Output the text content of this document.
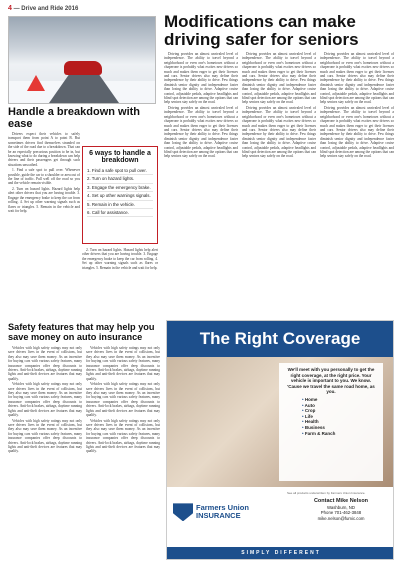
4 — Drive and Ride 2016
Handle a breakdown with ease

Drivers expect their vehicles to safely transport them from point A to point B. But sometimes drivers find themselves stranded on the side of the road due to a breakdown. That can be an especially precarious position to be in, but knowing what to do during a breakdown can help drivers and their passengers get through such situations unscathed.

1. Find a safe spot to pull over. Whenever possible, guide the car to a shoulder or area out of the line of traffic. Pull well off the road so you and the vehicle remain visible.

2. Turn on hazard lights. Hazard lights help alert other drivers that you are having trouble. 3. Engage the emergency brake to keep the car from rolling. 4. Set up other warning signals such as flares or triangles. 5. Remain in the vehicle and wait for help.

6 ways to handle a breakdown
1. Find a safe spot to pull over.
2. Turn on hazard lights.
3. Engage the emergency brake.
4. Set up other warnings signals.
5. Remain in the vehicle.
6. Call for assistance.

2. Turn on hazard lights. Hazard lights help alert other drivers that you are having trouble. 3. Engage the emergency brake to keep the car from rolling. 4. Set up other warning signals such as flares or triangles. 5. Remain in the vehicle and wait for help.

Modifications can make driving safer for seniors

Driving provides an almost unrivaled level of independence. The ability to travel beyond a neighborhood or even one's hometown without a chaperone is probably what excites new drivers so much and makes them eager to get their licenses and cars. Senior drivers also may define their independence by their ability to drive. Few things diminish senior dignity and independence faster than losing the ability to drive. Adaptive cruise control, adjustable pedals, adaptive headlights and blind spot detection are among the options that can help seniors stay safely on the road.

Driving provides an almost unrivaled level of independence. The ability to travel beyond a neighborhood or even one's hometown without a chaperone is probably what excites new drivers so much and makes them eager to get their licenses and cars. Senior drivers also may define their independence by their ability to drive. Few things diminish senior dignity and independence faster than losing the ability to drive. Adaptive cruise control, adjustable pedals, adaptive headlights and blind spot detection are among the options that can help seniors stay safely on the road.

Driving provides an almost unrivaled level of independence. The ability to travel beyond a neighborhood or even one's hometown without a chaperone is probably what excites new drivers so much and makes them eager to get their licenses and cars. Senior drivers also may define their independence by their ability to drive. Few things diminish senior dignity and independence faster than losing the ability to drive. Adaptive cruise control, adjustable pedals, adaptive headlights and blind spot detection are among the options that can help seniors stay safely on the road.

Driving provides an almost unrivaled level of independence. The ability to travel beyond a neighborhood or even one's hometown without a chaperone is probably what excites new drivers so much and makes them eager to get their licenses and cars. Senior drivers also may define their independence by their ability to drive. Few things diminish senior dignity and independence faster than losing the ability to drive. Adaptive cruise control, adjustable pedals, adaptive headlights and blind spot detection are among the options that can help seniors stay safely on the road.

Driving provides an almost unrivaled level of independence. The ability to travel beyond a neighborhood or even one's hometown without a chaperone is probably what excites new drivers so much and makes them eager to get their licenses and cars. Senior drivers also may define their independence by their ability to drive. Few things diminish senior dignity and independence faster than losing the ability to drive. Adaptive cruise control, adjustable pedals, adaptive headlights and blind spot detection are among the options that can help seniors stay safely on the road.

Driving provides an almost unrivaled level of independence. The ability to travel beyond a neighborhood or even one's hometown without a chaperone is probably what excites new drivers so much and makes them eager to get their licenses and cars. Senior drivers also may define their independence by their ability to drive. Few things diminish senior dignity and independence faster than losing the ability to drive. Adaptive cruise control, adjustable pedals, adaptive headlights and blind spot detection are among the options that can help seniors stay safely on the road.

Safety features that may help you save money on auto insurance

Vehicles with high safety ratings may not only save drivers lives in the event of collisions, but they also may save them money. As an incentive for buying cars with various safety features, many insurance companies offer deep discounts to drivers. Anti-lock brakes, airbags, daytime running lights and anti-theft devices are features that may qualify.

Vehicles with high safety ratings may not only save drivers lives in the event of collisions, but they also may save them money. As an incentive for buying cars with various safety features, many insurance companies offer deep discounts to drivers. Anti-lock brakes, airbags, daytime running lights and anti-theft devices are features that may qualify.

Vehicles with high safety ratings may not only save drivers lives in the event of collisions, but they also may save them money. As an incentive for buying cars with various safety features, many insurance companies offer deep discounts to drivers. Anti-lock brakes, airbags, daytime running lights and anti-theft devices are features that may qualify.

Vehicles with high safety ratings may not only save drivers lives in the event of collisions, but they also may save them money. As an incentive for buying cars with various safety features, many insurance companies offer deep discounts to drivers. Anti-lock brakes, airbags, daytime running lights and anti-theft devices are features that may qualify.

Vehicles with high safety ratings may not only save drivers lives in the event of collisions, but they also may save them money. As an incentive for buying cars with various safety features, many insurance companies offer deep discounts to drivers. Anti-lock brakes, airbags, daytime running lights and anti-theft devices are features that may qualify.

Vehicles with high safety ratings may not only save drivers lives in the event of collisions, but they also may save them money. As an incentive for buying cars with various safety features, many insurance companies offer deep discounts to drivers. Anti-lock brakes, airbags, daytime running lights and anti-theft devices are features that may qualify.

The Right Coverage
We'll meet with you personally to get the right coverage, at the right price. Your vehicle is important to you. We know. 'Cause we travel the same road home, as you.
• Home
• Auto
• Crop
• Life
• Health
• Business
• Farm & Ranch
See all products underwritten by Farmers Union Insurance.
Farmers Union
INSURANCE
Contact Mike Nelson
Washburn, ND
Phone 701-462-3848
mike.nelson@fumic.com
SIMPLY DIFFERENT
